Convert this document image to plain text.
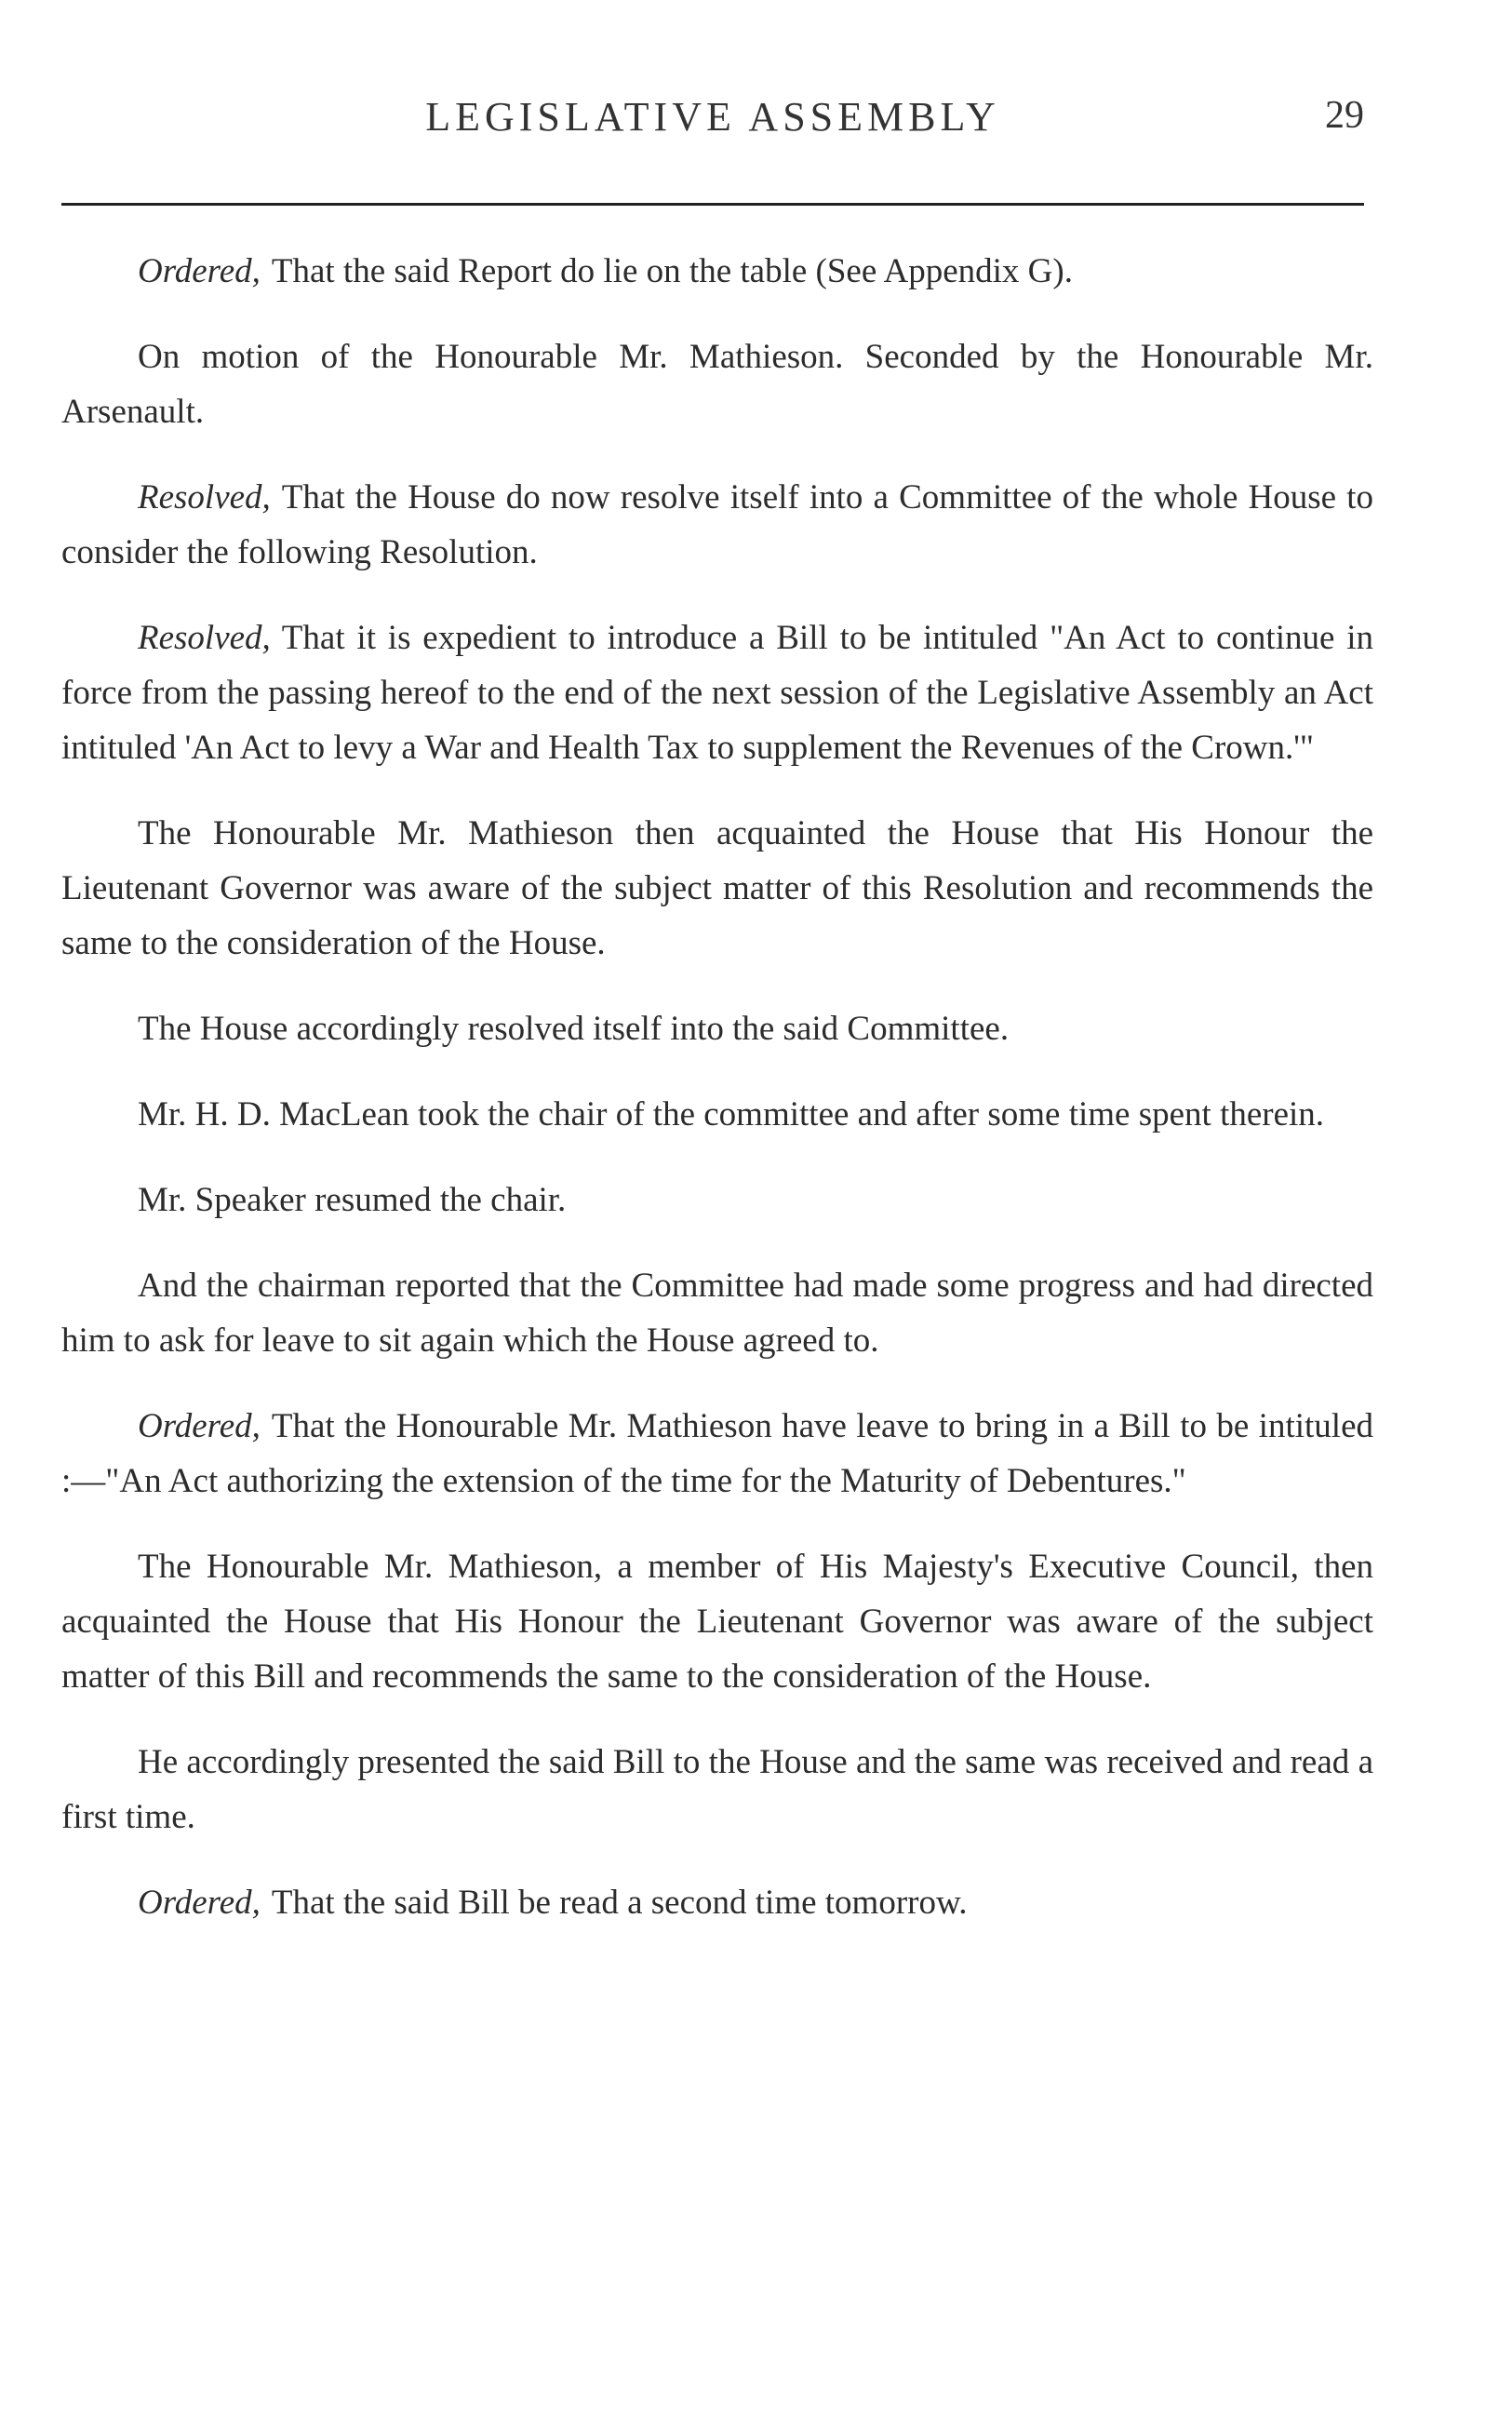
LEGISLATIVE ASSEMBLY	29

Ordered, That the said Report do lie on the table (See Appendix G).

On motion of the Honourable Mr. Mathieson. Seconded by the Honourable Mr. Arsenault.

Resolved, That the House do now resolve itself into a Committee of the whole House to consider the following Resolution.

Resolved, That it is expedient to introduce a Bill to be intituled "An Act to continue in force from the passing hereof to the end of the next session of the Legislative Assembly an Act intituled 'An Act to levy a War and Health Tax to supplement the Revenues of the Crown.'"

The Honourable Mr. Mathieson then acquainted the House that His Honour the Lieutenant Governor was aware of the subject matter of this Resolution and recommends the same to the consideration of the House.

The House accordingly resolved itself into the said Committee.

Mr. H. D. MacLean took the chair of the committee and after some time spent therein.

Mr. Speaker resumed the chair.

And the chairman reported that the Committee had made some progress and had directed him to ask for leave to sit again which the House agreed to.

Ordered, That the Honourable Mr. Mathieson have leave to bring in a Bill to be intituled :—"An Act authorizing the extension of the time for the Maturity of Debentures."

The Honourable Mr. Mathieson, a member of His Majesty's Executive Council, then acquainted the House that His Honour the Lieutenant Governor was aware of the subject matter of this Bill and recommends the same to the consideration of the House.

He accordingly presented the said Bill to the House and the same was received and read a first time.

Ordered, That the said Bill be read a second time tomorrow.
